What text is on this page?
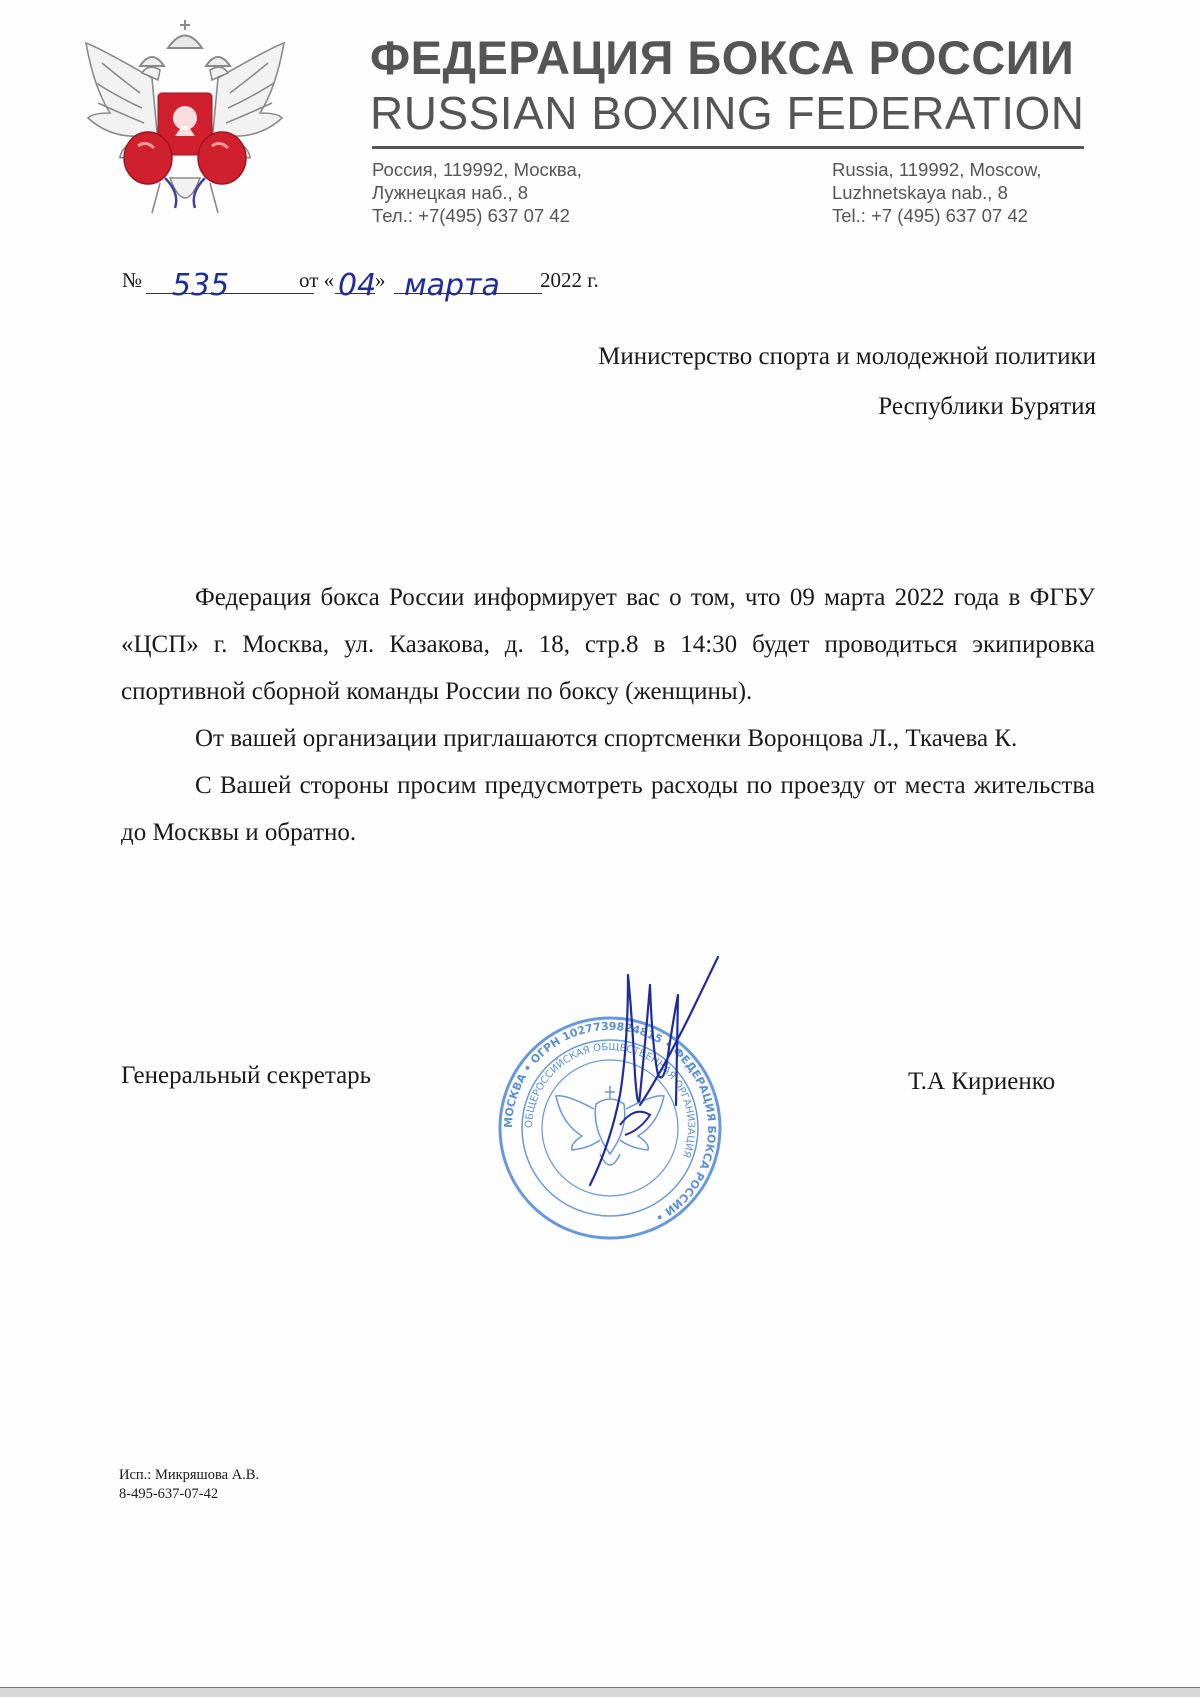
ФЕДЕРАЦИЯ БОКСА РОССИИ
RUSSIAN BOXING FEDERATION
Россия, 119992, Москва,
Лужнецкая наб., 8
Тел.: +7(495) 637 07 42
Russia, 119992, Moscow,
Luzhnetskaya nab., 8
Tel.: +7 (495) 637 07 42
№ 535	от « 04
» марта 2022 г.
Министерство спорта и молодежной политики
Республики Бурятия

Федерация бокса России информирует вас о том, что 09 марта 2022 года в ФГБУ «ЦСП» г. Москва, ул. Казакова, д. 18, стр.8 в 14:30 будет проводиться экипировка спортивной сборной команды России по боксу (женщины).

От вашей организации приглашаются спортсменки Воронцова Л., Ткачева К.

С Вашей стороны просим предусмотреть расходы по проезду от места жительства до Москвы и обратно.

Генеральный секретарь	Т.А Кириенко
МОСКВА • ОГРН 1027739824815 • ФЕДЕРАЦИЯ БОКСА РОССИИ •
ОБЩЕРОССИЙСКАЯ ОБЩЕСТВЕННАЯ ОРГАНИЗАЦИЯ
Исп.: Микряшова А.В.
8-495-637-07-42
